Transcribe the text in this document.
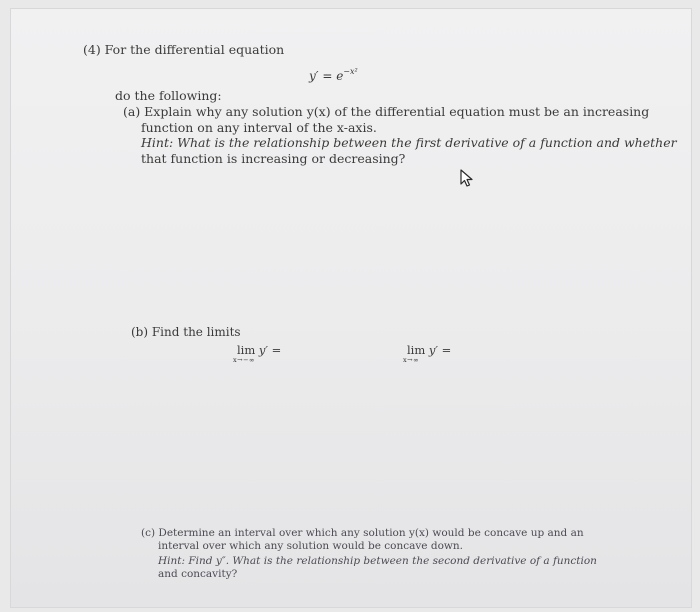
(4) For the differential equation
$y' = e^{-x^2}$
do the following:
(a) Explain why any solution y(x) of the differential equation must be an increasing
function on any interval of the x-axis.
Hint: What is the relationship between the first derivative of a function and whether
that function is increasing or decreasing?
(b) Find the limits
lim y′ =
x→−∞
lim y′ =
x→∞
(c) Determine an interval over which any solution y(x) would be concave up and an
interval over which any solution would be concave down.
Hint: Find y″. What is the relationship between the second derivative of a function
and concavity?
